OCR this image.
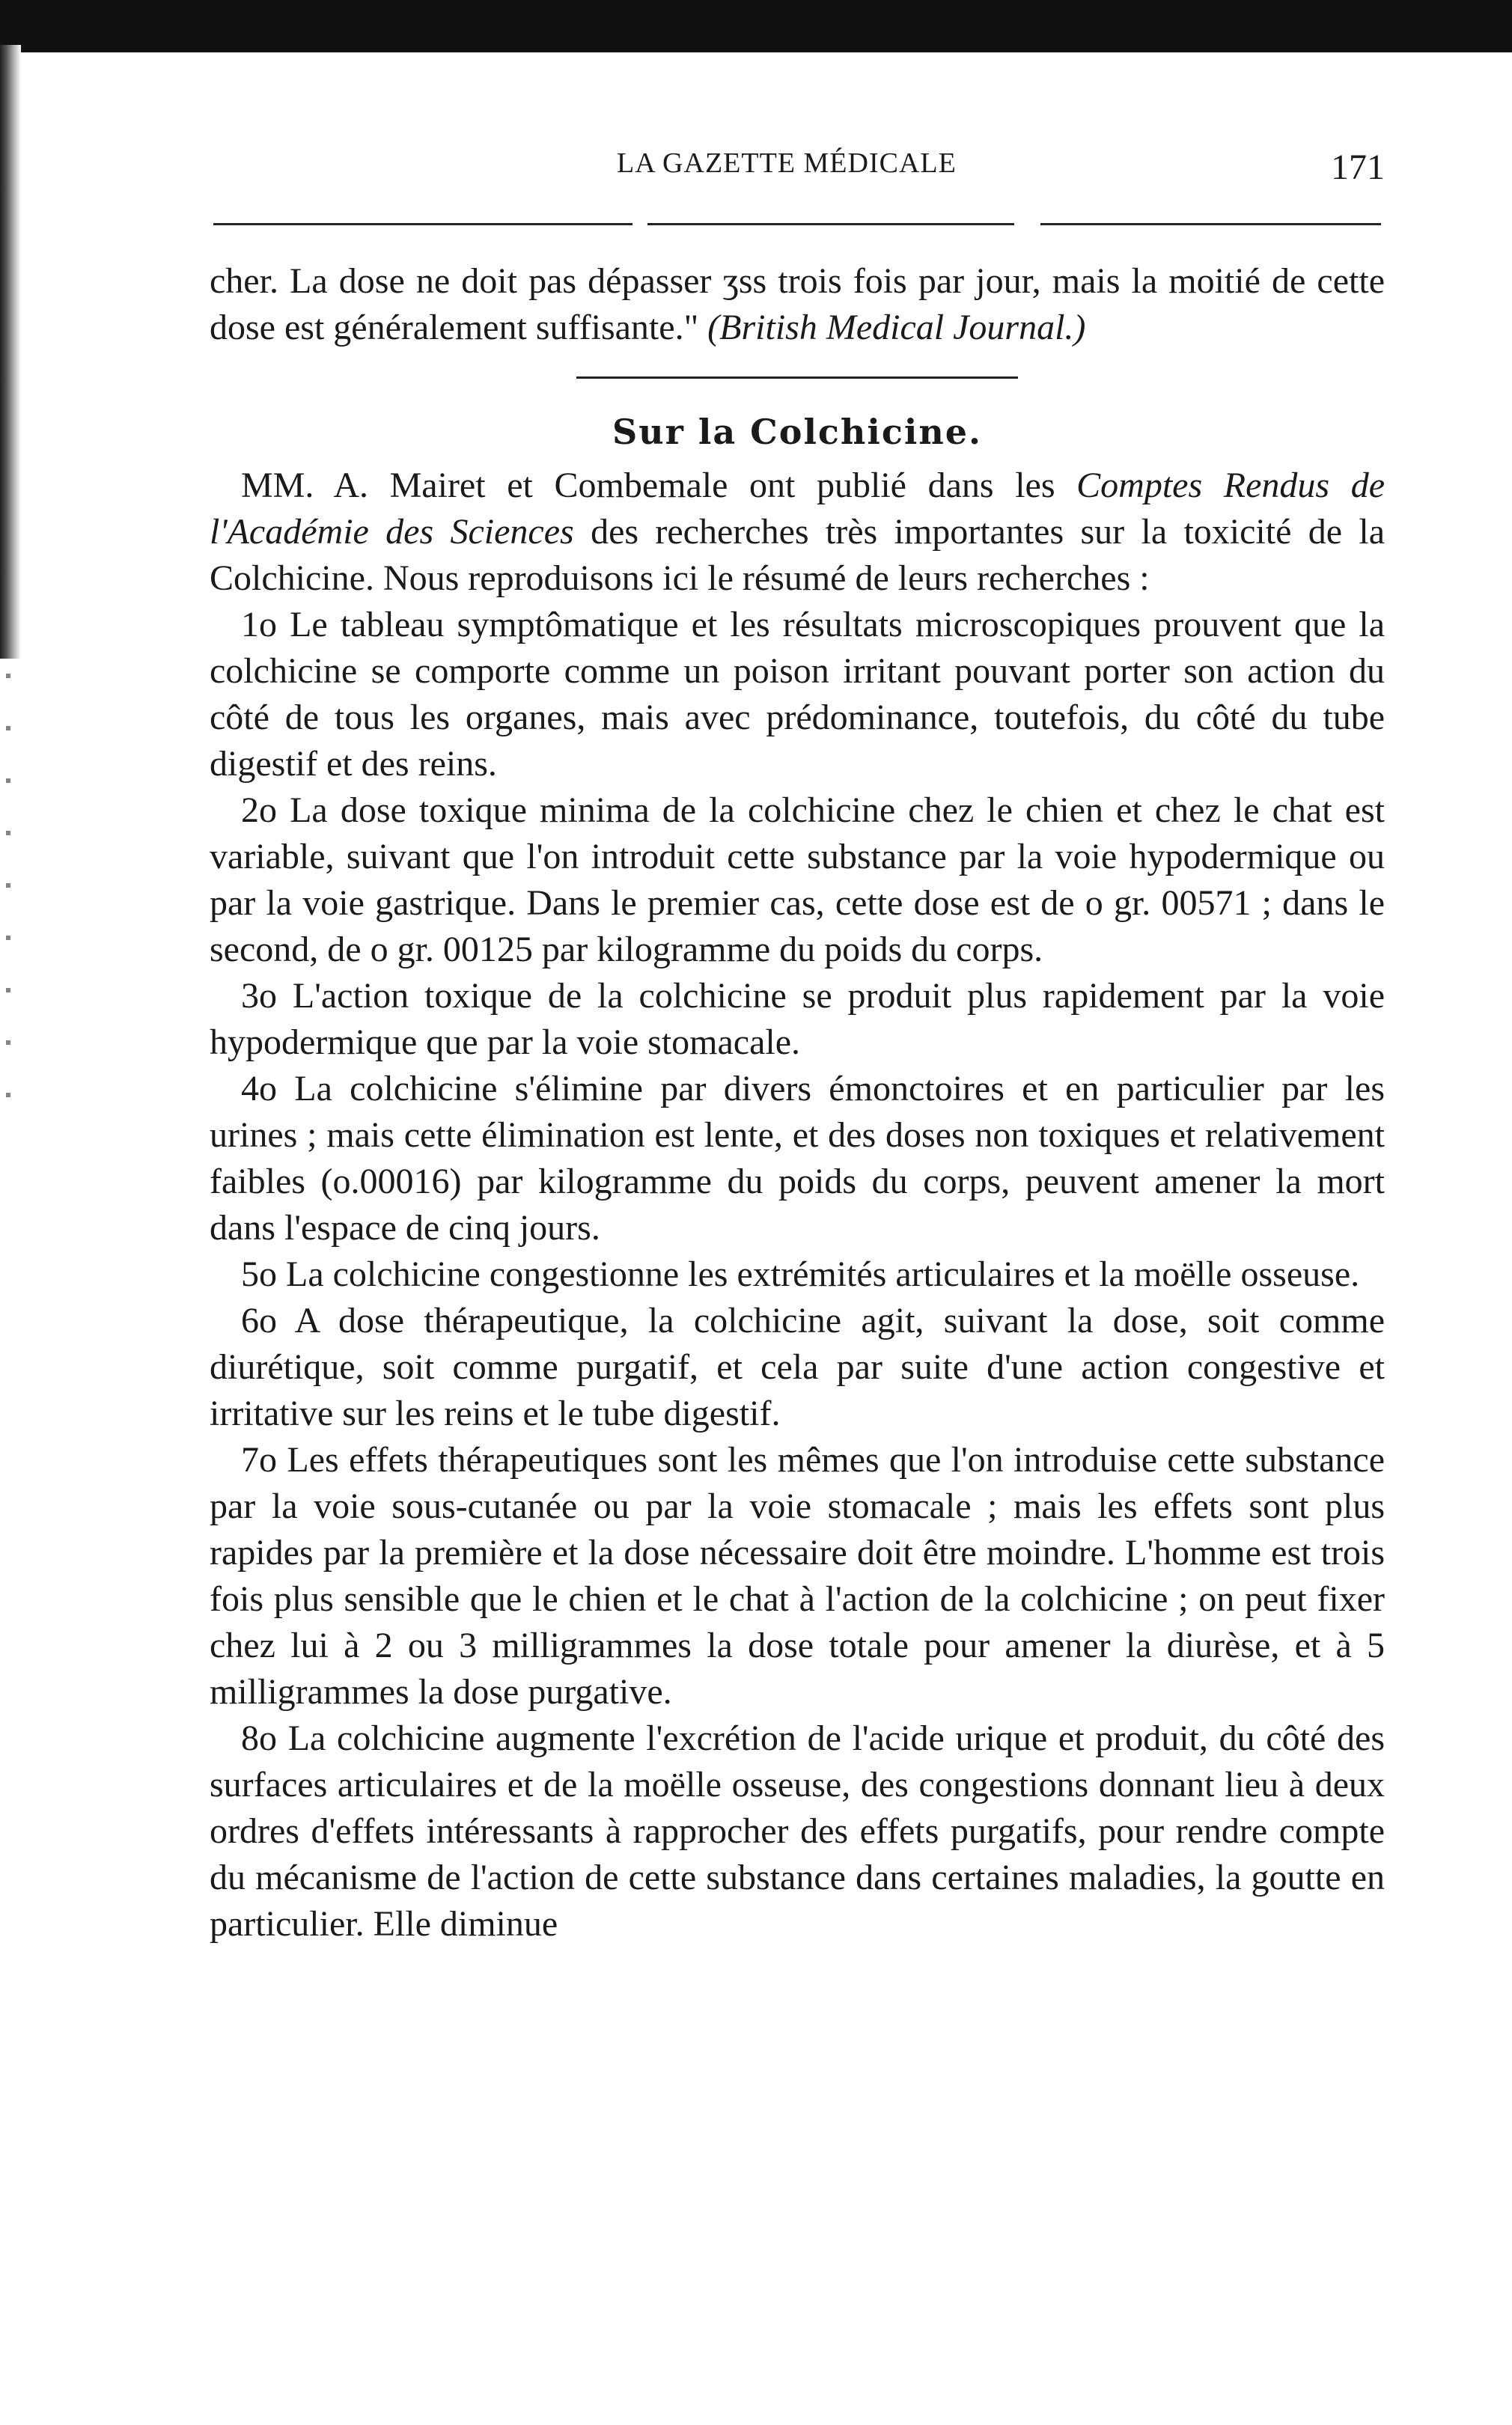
LA GAZETTE MÉDICALE	171

cher. La dose ne doit pas dépasser ʒss trois fois par jour, mais la moitié de cette dose est généralement suffisante." (British Medical Journal.)

Sur la Colchicine.

MM. A. Mairet et Combemale ont publié dans les Comptes Rendus de l'Académie des Sciences des recherches très importantes sur la toxicité de la Colchicine. Nous reproduisons ici le résumé de leurs recherches :

1o Le tableau symptômatique et les résultats microscopiques prouvent que la colchicine se comporte comme un poison irritant pouvant porter son action du côté de tous les organes, mais avec prédominance, toutefois, du côté du tube digestif et des reins.

2o La dose toxique minima de la colchicine chez le chien et chez le chat est variable, suivant que l'on introduit cette substance par la voie hypodermique ou par la voie gastrique. Dans le premier cas, cette dose est de o gr. 00571 ; dans le second, de o gr. 00125 par kilogramme du poids du corps.

3o L'action toxique de la colchicine se produit plus rapidement par la voie hypodermique que par la voie stomacale.

4o La colchicine s'élimine par divers émonctoires et en particulier par les urines ; mais cette élimination est lente, et des doses non toxiques et relativement faibles (o.00016) par kilogramme du poids du corps, peuvent amener la mort dans l'espace de cinq jours.

5o La colchicine congestionne les extrémités articulaires et la moëlle osseuse.

6o A dose thérapeutique, la colchicine agit, suivant la dose, soit comme diurétique, soit comme purgatif, et cela par suite d'une action congestive et irritative sur les reins et le tube digestif.

7o Les effets thérapeutiques sont les mêmes que l'on introduise cette substance par la voie sous-cutanée ou par la voie stomacale ; mais les effets sont plus rapides par la première et la dose nécessaire doit être moindre. L'homme est trois fois plus sensible que le chien et le chat à l'action de la colchicine ; on peut fixer chez lui à 2 ou 3 milligrammes la dose totale pour amener la diurèse, et à 5 milligrammes la dose purgative.

8o La colchicine augmente l'excrétion de l'acide urique et produit, du côté des surfaces articulaires et de la moëlle osseuse, des congestions donnant lieu à deux ordres d'effets intéressants à rapprocher des effets purgatifs, pour rendre compte du mécanisme de l'action de cette substance dans certaines maladies, la goutte en particulier. Elle diminue
